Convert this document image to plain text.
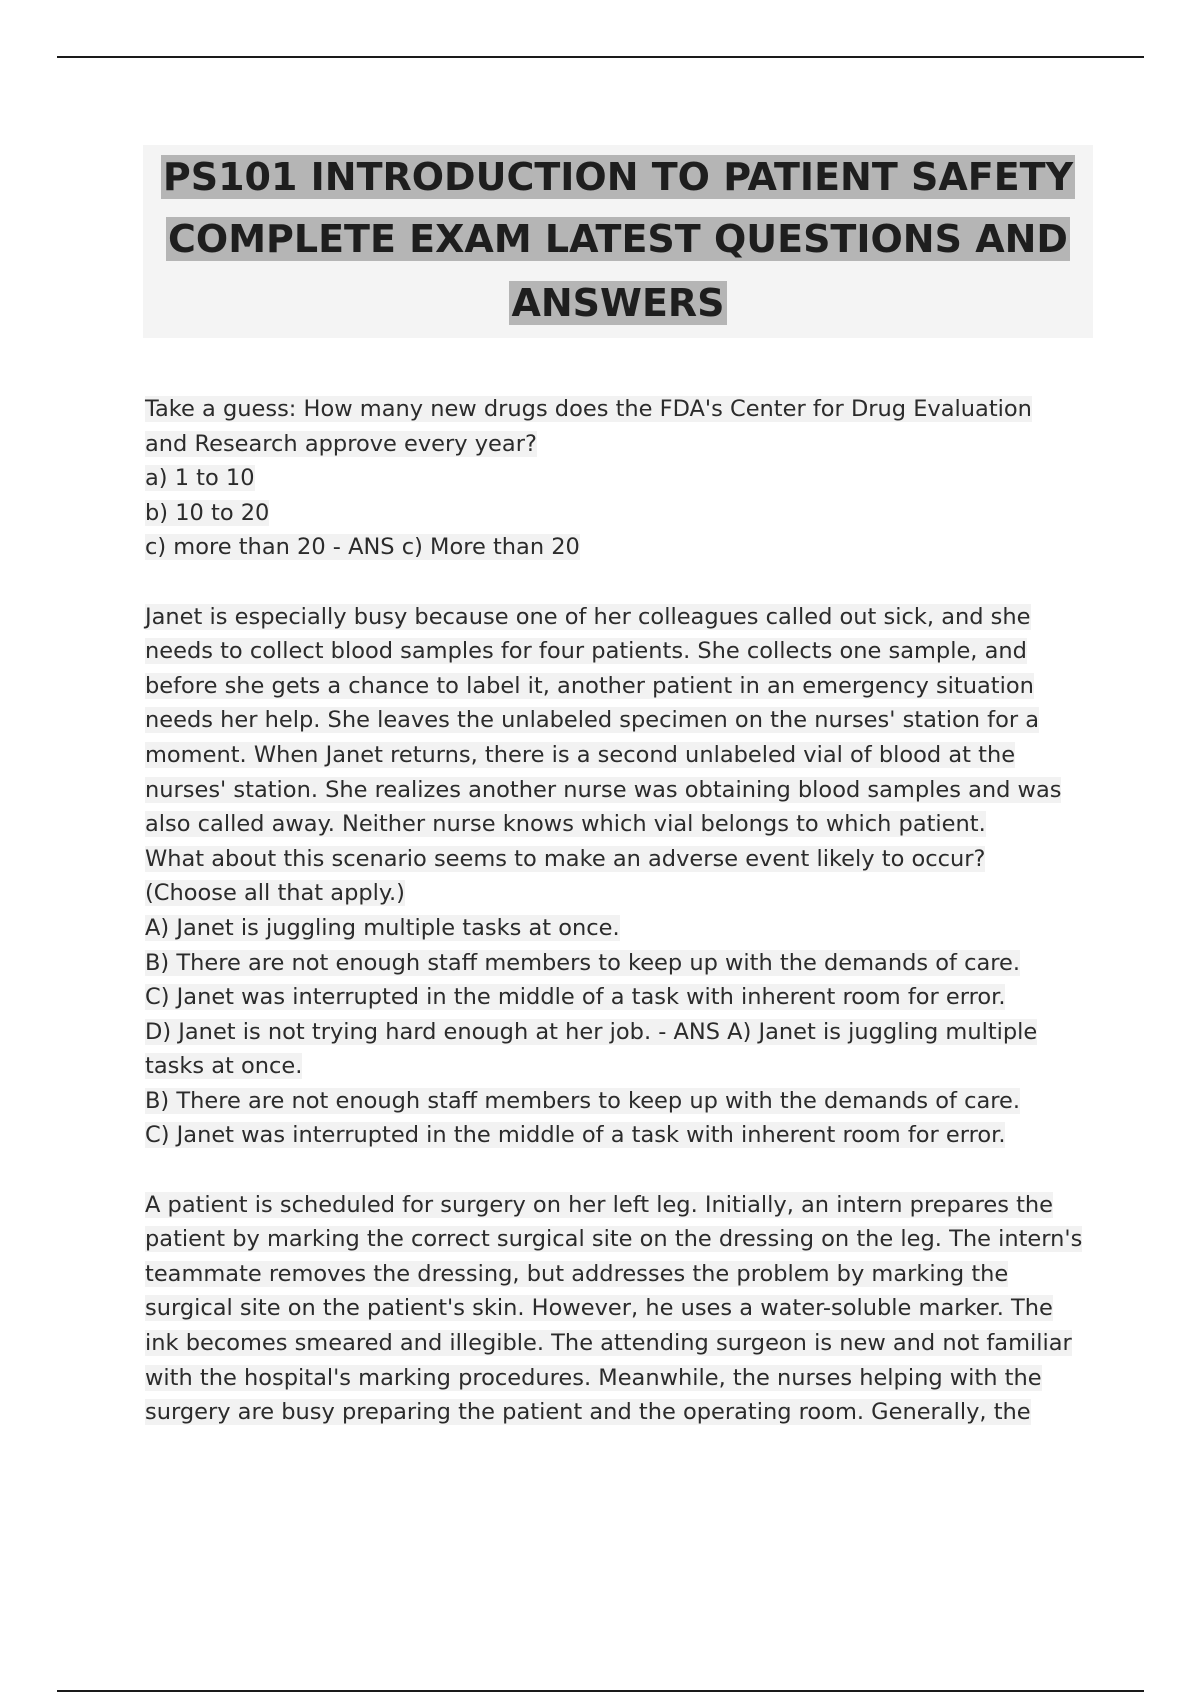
PS101 INTRODUCTION TO PATIENT SAFETY
COMPLETE EXAM LATEST QUESTIONS AND
ANSWERS
Take a guess: How many new drugs does the FDA's Center for Drug Evaluation
and Research approve every year?
a) 1 to 10
b) 10 to 20
c) more than 20 - ANS c) More than 20
Janet is especially busy because one of her colleagues called out sick, and she
needs to collect blood samples for four patients. She collects one sample, and
before she gets a chance to label it, another patient in an emergency situation
needs her help. She leaves the unlabeled specimen on the nurses' station for a
moment. When Janet returns, there is a second unlabeled vial of blood at the
nurses' station. She realizes another nurse was obtaining blood samples and was
also called away. Neither nurse knows which vial belongs to which patient.
What about this scenario seems to make an adverse event likely to occur?
(Choose all that apply.)
A) Janet is juggling multiple tasks at once.
B) There are not enough staff members to keep up with the demands of care.
C) Janet was interrupted in the middle of a task with inherent room for error.
D) Janet is not trying hard enough at her job. - ANS A) Janet is juggling multiple
tasks at once.
B) There are not enough staff members to keep up with the demands of care.
C) Janet was interrupted in the middle of a task with inherent room for error.
A patient is scheduled for surgery on her left leg. Initially, an intern prepares the
patient by marking the correct surgical site on the dressing on the leg. The intern's
teammate removes the dressing, but addresses the problem by marking the
surgical site on the patient's skin. However, he uses a water-soluble marker. The
ink becomes smeared and illegible. The attending surgeon is new and not familiar
with the hospital's marking procedures. Meanwhile, the nurses helping with the
surgery are busy preparing the patient and the operating room. Generally, the
